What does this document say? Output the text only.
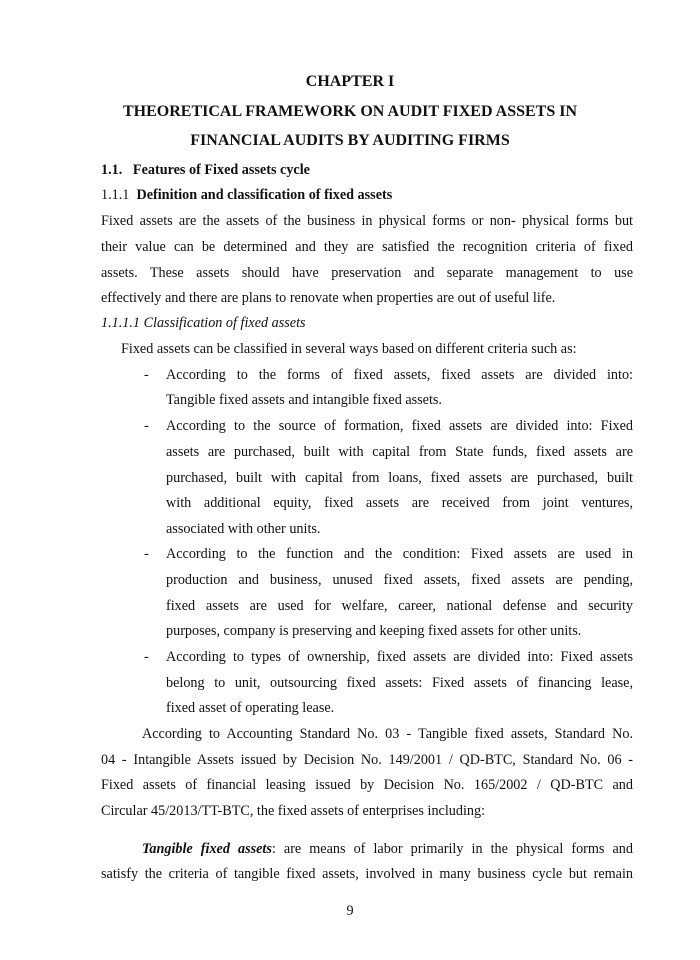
CHAPTER I
THEORETICAL FRAMEWORK ON AUDIT FIXED ASSETS IN
FINANCIAL AUDITS BY AUDITING FIRMS
1.1. Features of Fixed assets cycle
1.1.1 Definition and classification of fixed assets
Fixed assets are the assets of the business in physical forms or non- physical forms but
their value can be determined and they are satisfied the recognition criteria of fixed
assets. These assets should have preservation and separate management to use
effectively and there are plans to renovate when properties are out of useful life.
1.1.1.1 Classification of fixed assets
Fixed assets can be classified in several ways based on different criteria such as:
- According to the forms of fixed assets, fixed assets are divided into:
Tangible fixed assets and intangible fixed assets.
- According to the source of formation, fixed assets are divided into: Fixed
assets are purchased, built with capital from State funds, fixed assets are
purchased, built with capital from loans, fixed assets are purchased, built
with additional equity, fixed assets are received from joint ventures,
associated with other units.
- According to the function and the condition: Fixed assets are used in
production and business, unused fixed assets, fixed assets are pending,
fixed assets are used for welfare, career, national defense and security
purposes, company is preserving and keeping fixed assets for other units.
- According to types of ownership, fixed assets are divided into: Fixed assets
belong to unit, outsourcing fixed assets: Fixed assets of financing lease,
fixed asset of operating lease.
According to Accounting Standard No. 03 - Tangible fixed assets, Standard No.
04 - Intangible Assets issued by Decision No. 149/2001 / QD-BTC, Standard No. 06 -
Fixed assets of financial leasing issued by Decision No. 165/2002 / QD-BTC and
Circular 45/2013/TT-BTC, the fixed assets of enterprises including:
Tangible fixed assets: are means of labor primarily in the physical forms and
satisfy the criteria of tangible fixed assets, involved in many business cycle but remain
9
